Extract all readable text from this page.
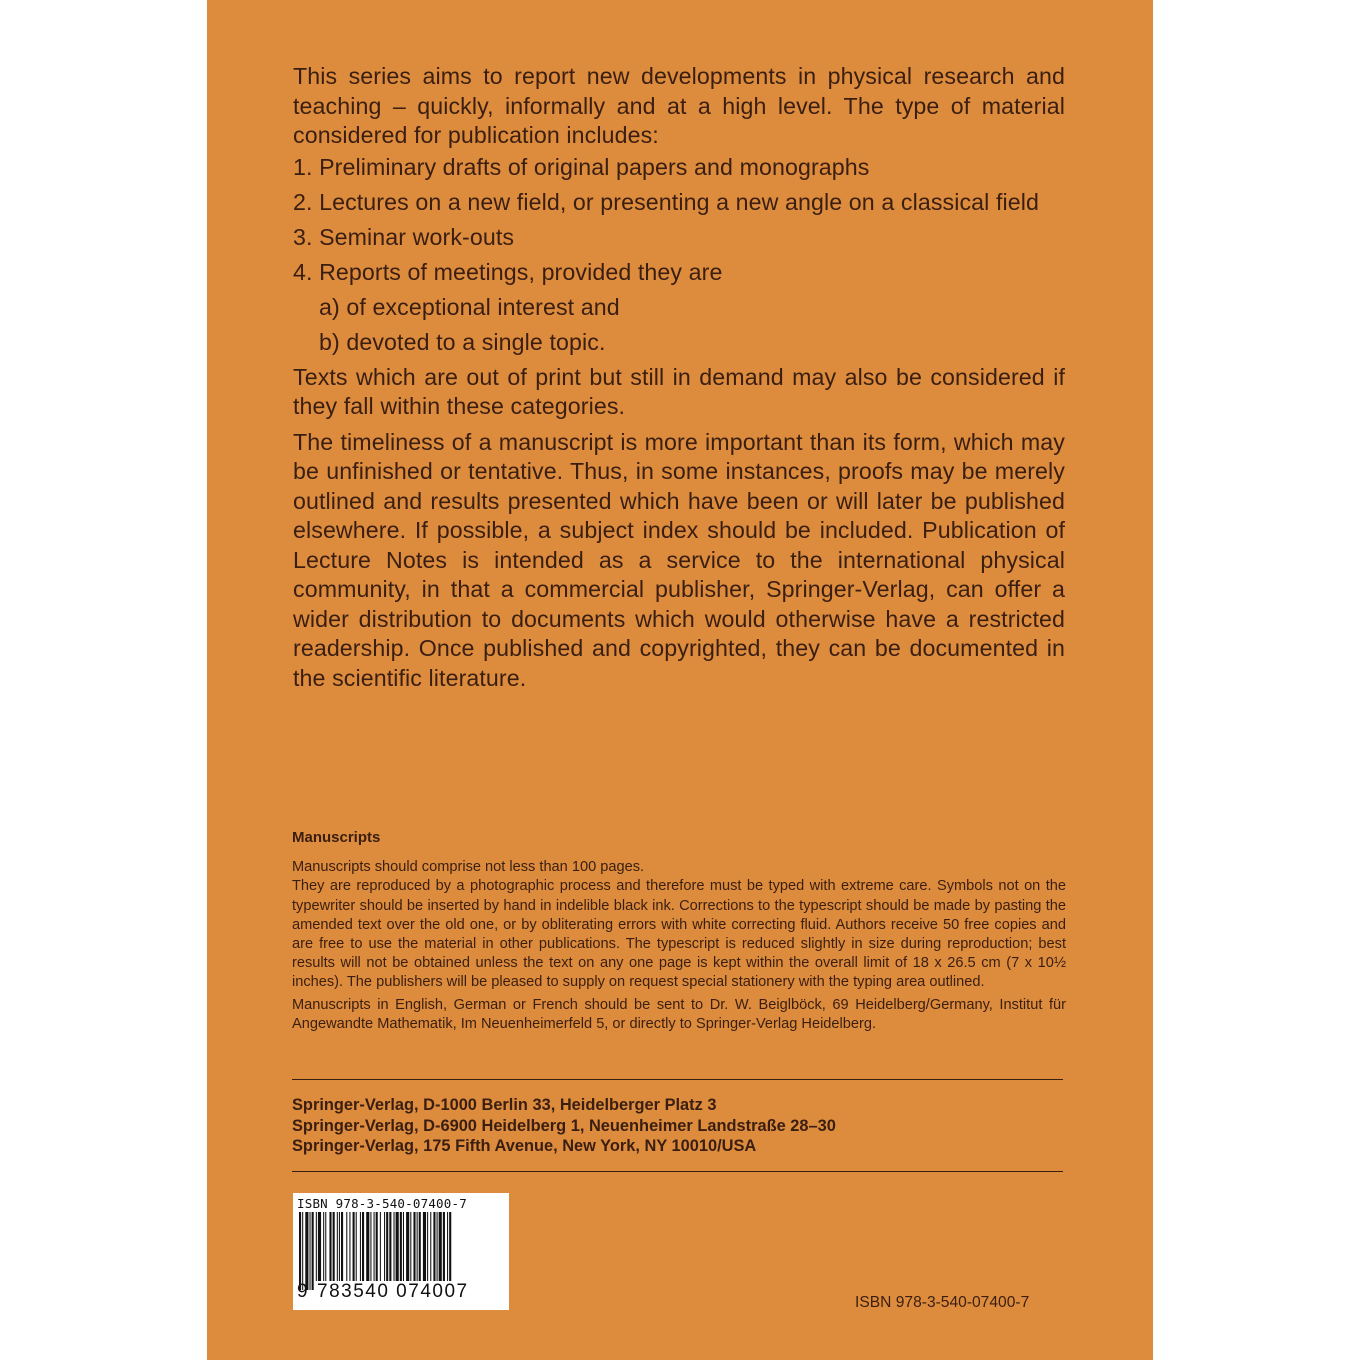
This series aims to report new developments in physical research and teaching – quickly, informally and at a high level. The type of material considered for publication includes:

1. Preliminary drafts of original papers and monographs
2. Lectures on a new field, or presenting a new angle on a classical field
3. Seminar work-outs
4. Reports of meetings, provided they are
a) of exceptional interest and
b) devoted to a single topic.

Texts which are out of print but still in demand may also be considered if they fall within these categories.

The timeliness of a manuscript is more important than its form, which may be unfinished or tentative. Thus, in some instances, proofs may be merely outlined and results presented which have been or will later be published elsewhere. If possible, a subject index should be included. Publication of Lecture Notes is intended as a service to the international physical community, in that a commercial publisher, Springer-Verlag, can offer a wider distribution to documents which would otherwise have a restricted readership. Once published and copyrighted, they can be documented in the scientific literature.

Manuscripts

Manuscripts should comprise not less than 100 pages.

They are reproduced by a photographic process and therefore must be typed with extreme care. Symbols not on the typewriter should be inserted by hand in indelible black ink. Corrections to the typescript should be made by pasting the amended text over the old one, or by obliterating errors with white correcting fluid. Authors receive 50 free copies and are free to use the material in other publications. The typescript is reduced slightly in size during reproduction; best results will not be obtained unless the text on any one page is kept within the overall limit of 18 x 26.5 cm (7 x 10½ inches). The publishers will be pleased to supply on request special stationery with the typing area outlined.

Manuscripts in English, German or French should be sent to Dr. W. Beiglböck, 69 Heidelberg/Germany, Institut für Angewandte Mathematik, Im Neuenheimerfeld 5, or directly to Springer-Verlag Heidelberg.

Springer-Verlag, D-1000 Berlin 33, Heidelberger Platz 3
Springer-Verlag, D-6900 Heidelberg 1, Neuenheimer Landstraße 28–30
Springer-Verlag, 175 Fifth Avenue, New York, NY 10010/USA
ISBN 978-3-540-07400-7
9 783540 074007
ISBN 978-3-540-07400-7
